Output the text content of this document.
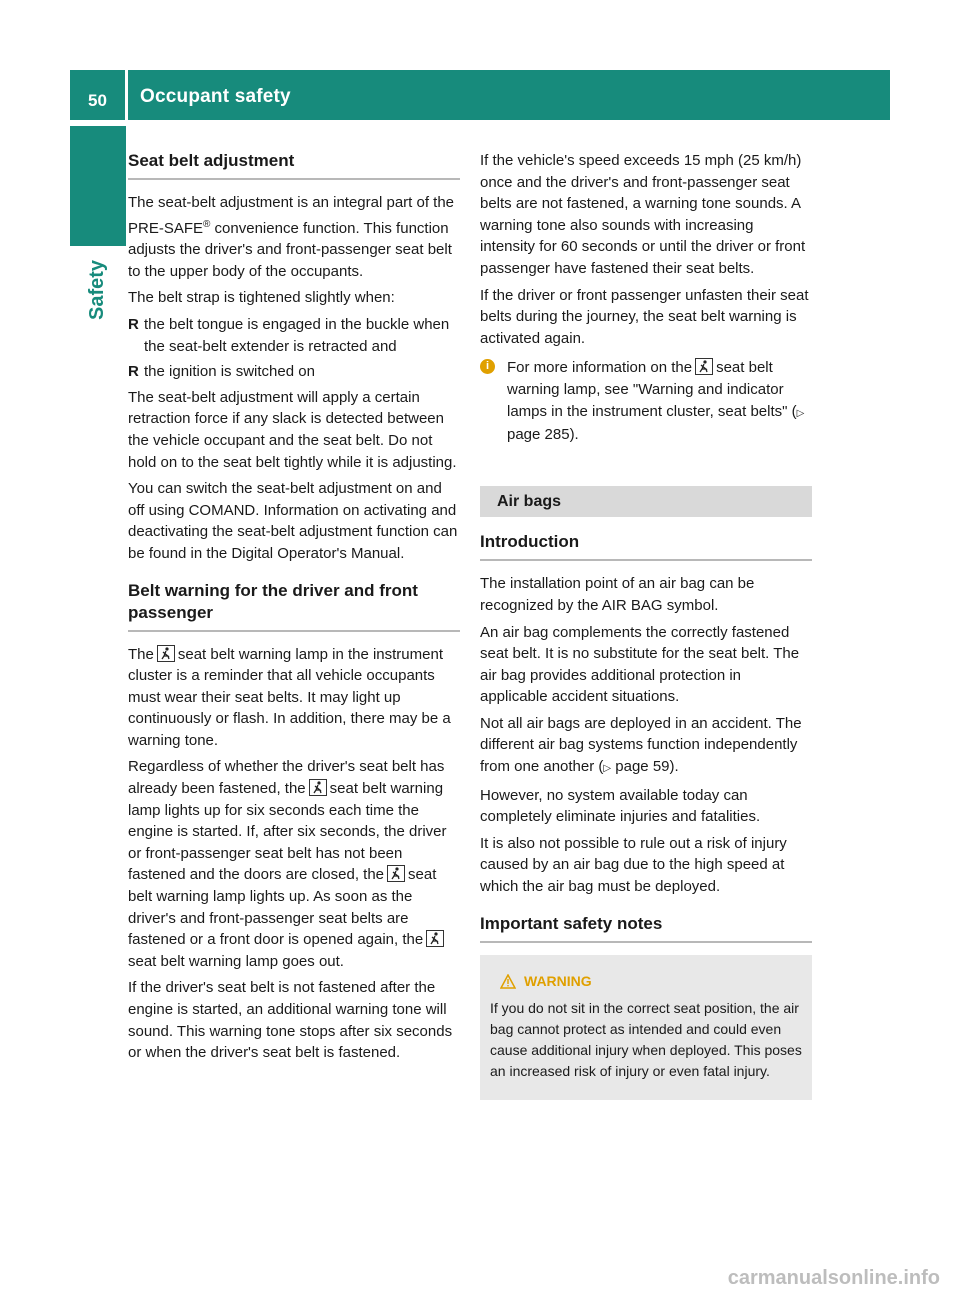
50	Occupant safety
Safety
Seat belt adjustment

The seat-belt adjustment is an integral part of the PRE-SAFE® convenience function. This function adjusts the driver's and front-passenger seat belt to the upper body of the occupants.

The belt strap is tightened slightly when:

R the belt tongue is engaged in the buckle when the seat-belt extender is retracted and
R the ignition is switched on

The seat-belt adjustment will apply a certain retraction force if any slack is detected between the vehicle occupant and the seat belt. Do not hold on to the seat belt tightly while it is adjusting.

You can switch the seat-belt adjustment on and off using COMAND. Information on activating and deactivating the seat-belt adjustment function can be found in the Digital Operator's Manual.

Belt warning for the driver and front passenger

The seat belt warning lamp in the instrument cluster is a reminder that all vehicle occupants must wear their seat belts. It may light up continuously or flash. In addition, there may be a warning tone.

Regardless of whether the driver's seat belt has already been fastened, the seat belt warning lamp lights up for six seconds each time the engine is started. If, after six seconds, the driver or front-passenger seat belt has not been fastened and the doors are closed, the seat belt warning lamp lights up. As soon as the driver's and front-passenger seat belts are fastened or a front door is opened again, the
seat belt warning lamp goes out.

If the driver's seat belt is not fastened after the engine is started, an additional warning tone will sound. This warning tone stops after six seconds or when the driver's seat belt is fastened.

If the vehicle's speed exceeds 15 mph (25 km/h) once and the driver's and front-passenger seat belts are not fastened, a warning tone sounds. A warning tone also sounds with increasing intensity for 60 seconds or until the driver or front passenger have fastened their seat belts.

If the driver or front passenger unfasten their seat belts during the journey, the seat belt warning is activated again.

i	For more information on the seat belt warning lamp, see "Warning and indicator lamps in the instrument cluster, seat belts" (▷ page 285).
Air bags
Introduction

The installation point of an air bag can be recognized by the AIR BAG symbol.

An air bag complements the correctly fastened seat belt. It is no substitute for the seat belt. The air bag provides additional protection in applicable accident situations.

Not all air bags are deployed in an accident. The different air bag systems function independently from one another (▷ page 59).

However, no system available today can completely eliminate injuries and fatalities.

It is also not possible to rule out a risk of injury caused by an air bag due to the high speed at which the air bag must be deployed.

Important safety notes
WARNING
If you do not sit in the correct seat position, the air bag cannot protect as intended and could even cause additional injury when deployed. This poses an increased risk of injury or even fatal injury.
carmanualsonline.info
